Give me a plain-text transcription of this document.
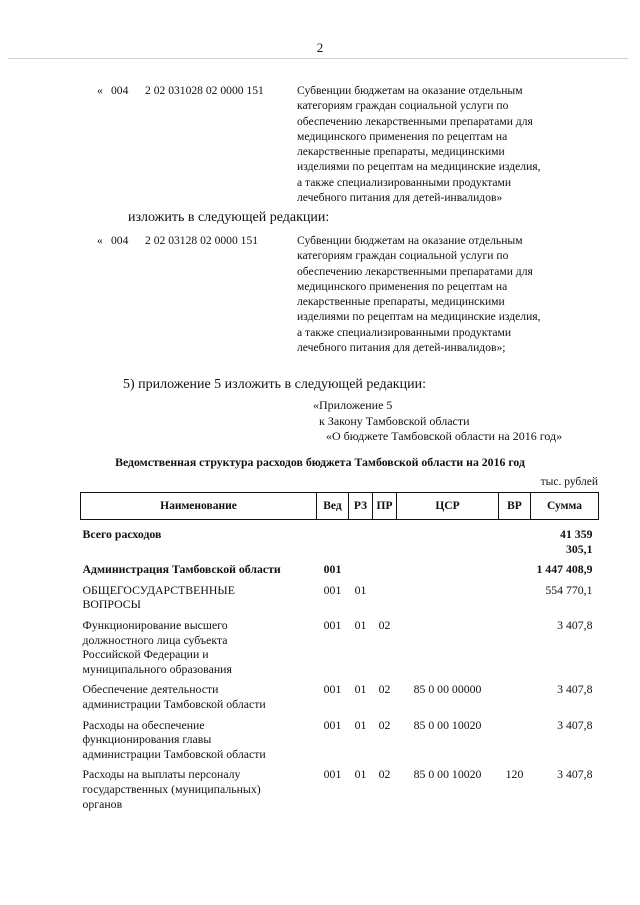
2
« 004 2 02 031028 02 0000 151	Субвенции бюджетам на оказание отдельным
категориям граждан социальной услуги по
обеспечению лекарственными препаратами для
медицинского применения по рецептам на
лекарственные препараты, медицинскими
изделиями по рецептам на медицинские изделия,
а также специализированными продуктами
лечебного питания для детей-инвалидов»
изложить в следующей редакции:
« 004 2 02 03128 02 0000 151	Субвенции бюджетам на оказание отдельным
категориям граждан социальной услуги по
обеспечению лекарственными препаратами для
медицинского применения по рецептам на
лекарственные препараты, медицинскими
изделиями по рецептам на медицинские изделия,
а также специализированными продуктами
лечебного питания для детей-инвалидов»;
5) приложение 5 изложить в следующей редакции:
«Приложение 5
к Закону Тамбовской области
«О бюджете Тамбовской области на 2016 год»
Ведомственная структура расходов бюджета Тамбовской области на 2016 год
тыс. рублей
Наименование	Вед	РЗ	ПР	ЦСР	ВР	Сумма

Всего расходов						41 359 305,1

Администрация Тамбовской области	001					1 447 408,9

ОБЩЕГОСУДАРСТВЕННЫЕ
ВОПРОСЫ	001	01				554 770,1

Функционирование высшего
должностного лица субъекта
Российской Федерации и
муниципального образования	001	01	02			3 407,8

Обеспечение деятельности
администрации Тамбовской области	001	01	02	85 0 00 00000		3 407,8

Расходы на обеспечение
функционирования главы
администрации Тамбовской области	001	01	02	85 0 00 10020		3 407,8

Расходы на выплаты персоналу
государственных (муниципальных)
органов	001	01	02	85 0 00 10020	120	3 407,8
